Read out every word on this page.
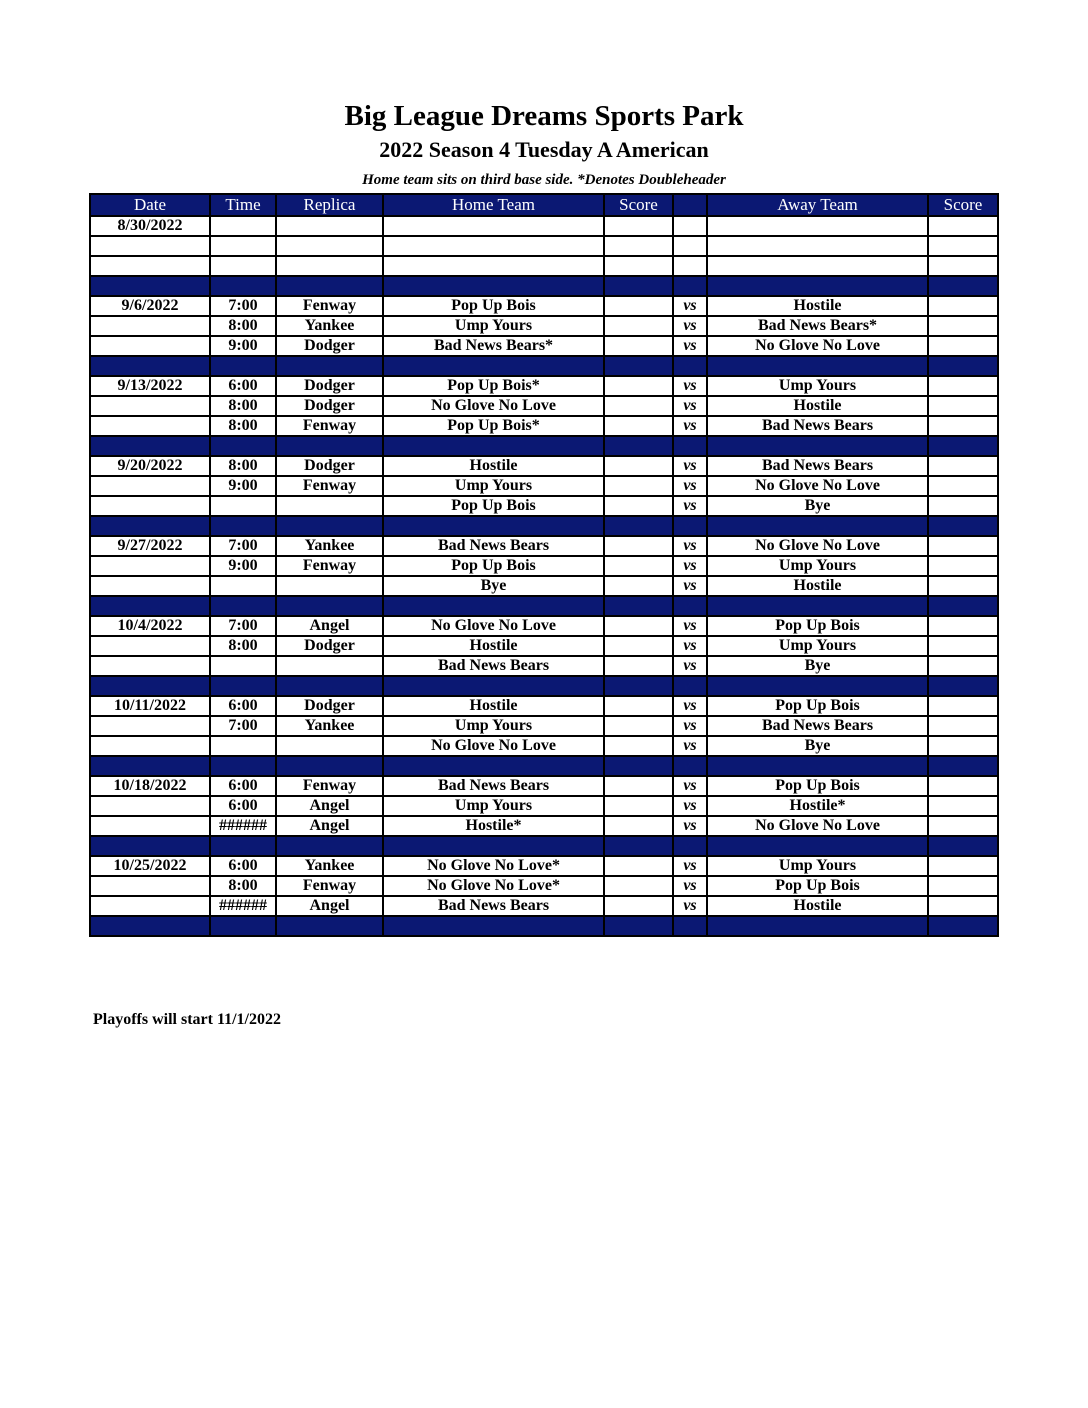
Big League Dreams Sports Park
2022 Season 4 Tuesday A American
Home team sits on third base side. *Denotes Doubleheader
Date	Time	Replica	Home Team	Score		Away Team	Score
8/30/2022							

9/6/2022	7:00	Fenway	Pop Up Bois		vs	Hostile	
	8:00	Yankee	Ump Yours		vs	Bad News Bears*	
	9:00	Dodger	Bad News Bears*		vs	No Glove No Love	

9/13/2022	6:00	Dodger	Pop Up Bois*		vs	Ump Yours	
	8:00	Dodger	No Glove No Love		vs	Hostile	
	8:00	Fenway	Pop Up Bois*		vs	Bad News Bears	

9/20/2022	8:00	Dodger	Hostile		vs	Bad News Bears	
	9:00	Fenway	Ump Yours		vs	No Glove No Love	
			Pop Up Bois		vs	Bye	

9/27/2022	7:00	Yankee	Bad News Bears		vs	No Glove No Love	
	9:00	Fenway	Pop Up Bois		vs	Ump Yours	
			Bye		vs	Hostile	

10/4/2022	7:00	Angel	No Glove No Love		vs	Pop Up Bois	
	8:00	Dodger	Hostile		vs	Ump Yours	
			Bad News Bears		vs	Bye	

10/11/2022	6:00	Dodger	Hostile		vs	Pop Up Bois	
	7:00	Yankee	Ump Yours		vs	Bad News Bears	
			No Glove No Love		vs	Bye	

10/18/2022	6:00	Fenway	Bad News Bears		vs	Pop Up Bois	
	6:00	Angel	Ump Yours		vs	Hostile*	
	######	Angel	Hostile*		vs	No Glove No Love	

10/25/2022	6:00	Yankee	No Glove No Love*		vs	Ump Yours	
	8:00	Fenway	No Glove No Love*		vs	Pop Up Bois	
	######	Angel	Bad News Bears		vs	Hostile	

Playoffs will start 11/1/2022
